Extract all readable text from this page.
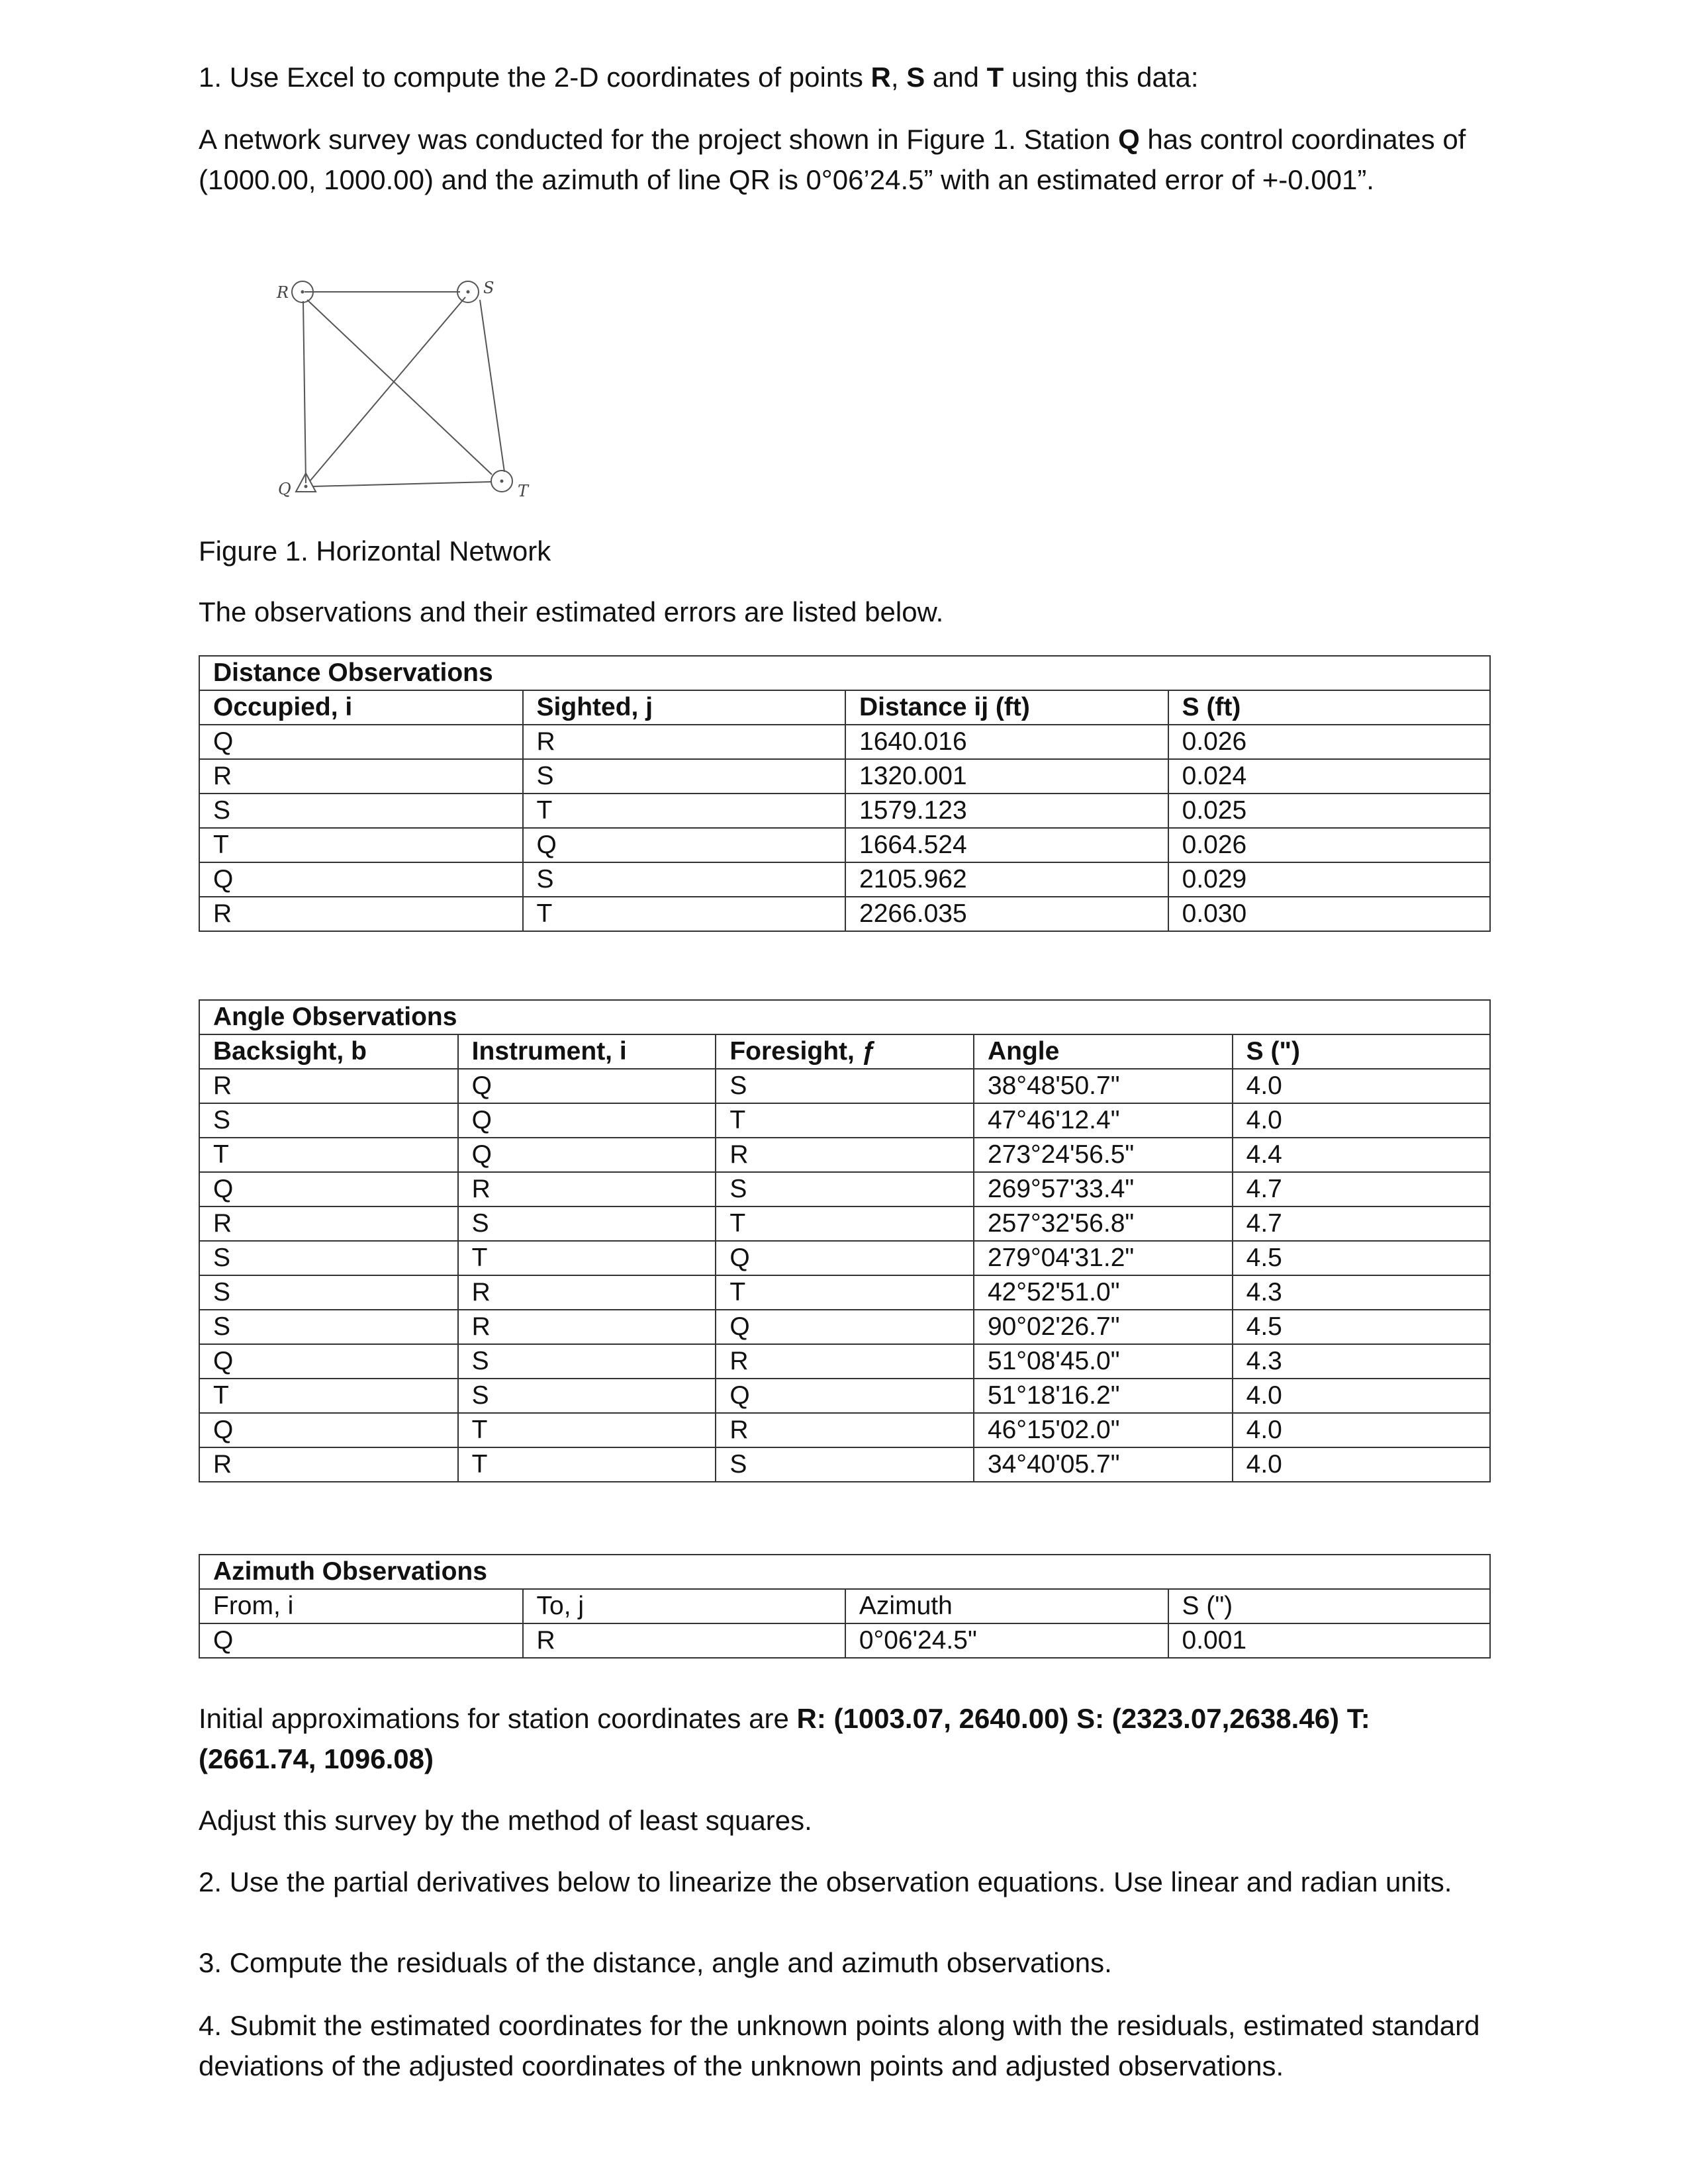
1. Use Excel to compute the 2-D coordinates of points R, S and T using this data:

A network survey was conducted for the project shown in Figure 1. Station Q has control coordinates of (1000.00, 1000.00) and the azimuth of line QR is 0°06’24.5” with an estimated error of +-0.001”.

R	S
T
Q

Figure 1. Horizontal Network

The observations and their estimated errors are listed below.

Distance Observations			
Occupied, i	Sighted, j	Distance ij (ft)	S (ft)
Q	R	1640.016	0.026
R	S	1320.001	0.024
S	T	1579.123	0.025
T	Q	1664.524	0.026
Q	S	2105.962	0.029
R	T	2266.035	0.030
Angle Observations				
Backsight, b	Instrument, i	Foresight, ƒ	Angle	S (")
R	Q	S	38°48'50.7"	4.0
S	Q	T	47°46'12.4"	4.0
T	Q	R	273°24'56.5"	4.4
Q	R	S	269°57'33.4"	4.7
R	S	T	257°32'56.8"	4.7
S	T	Q	279°04'31.2"	4.5
S	R	T	42°52'51.0"	4.3
S	R	Q	90°02'26.7"	4.5
Q	S	R	51°08'45.0"	4.3
T	S	Q	51°18'16.2"	4.0
Q	T	R	46°15'02.0"	4.0
R	T	S	34°40'05.7"	4.0
Azimuth Observations			
From, i	To, j	Azimuth	S (")
Q	R	0°06'24.5"	0.001

Initial approximations for station coordinates are R: (1003.07, 2640.00) S: (2323.07,2638.46) T: (2661.74, 1096.08)

Adjust this survey by the method of least squares.

2. Use the partial derivatives below to linearize the observation equations. Use linear and radian units.

3. Compute the residuals of the distance, angle and azimuth observations.

4. Submit the estimated coordinates for the unknown points along with the residuals, estimated standard deviations of the adjusted coordinates of the unknown points and adjusted observations.
